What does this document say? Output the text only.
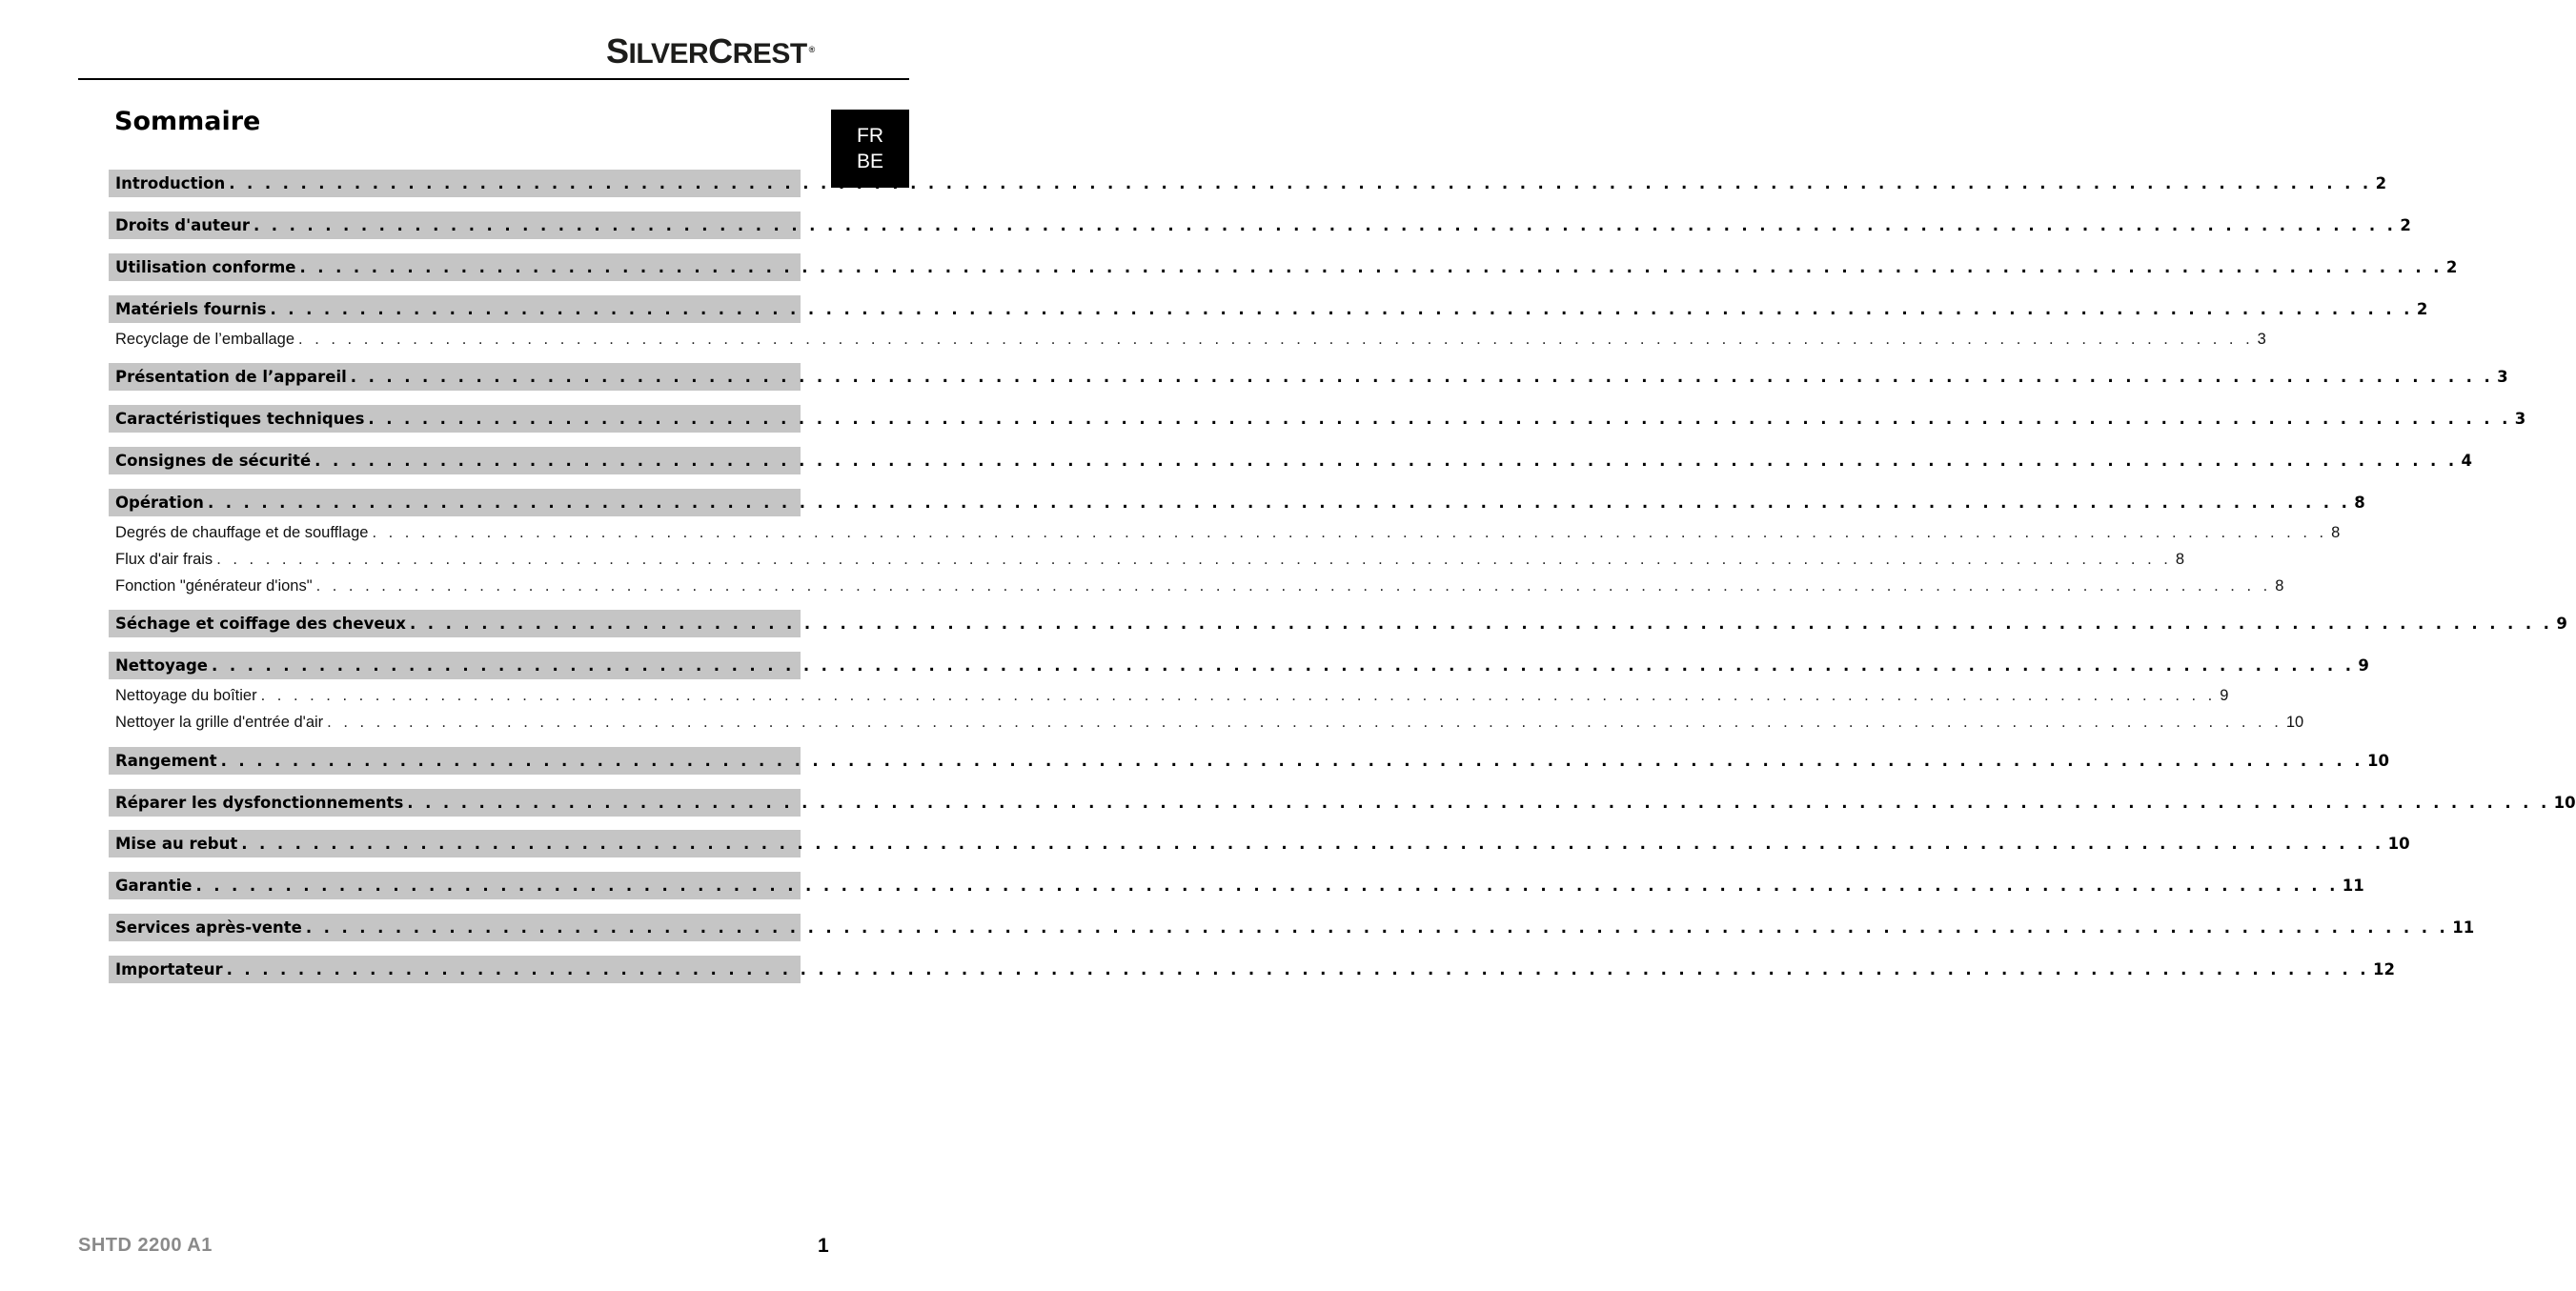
SILVERCREST ®
FR
BE
Sommaire
Introduction . . . . . . . . . . . . . . . . . . . . . . . . . . . . . . . . . . . . . . . . . . . . . . . . . . . . . . . . . . . . . . . . . . . . . . . . . . . . . . . . . . . . . . . . . . . . . . . . . . . . . . . . . . . . . . . . . . . . . . . . 2
Droits d'auteur . . . . . . . . . . . . . . . . . . . . . . . . . . . . . . . . . . . . . . . . . . . . . . . . . . . . . . . . . . . . . . . . . . . . . . . . . . . . . . . . . . . . . . . . . . . . . . . . . . . . . . . . . . . . . . . . . . . . . . . . 2
Utilisation conforme . . . . . . . . . . . . . . . . . . . . . . . . . . . . . . . . . . . . . . . . . . . . . . . . . . . . . . . . . . . . . . . . . . . . . . . . . . . . . . . . . . . . . . . . . . . . . . . . . . . . . . . . . . . . . . . . . . . . . . . . 2
Matériels fournis . . . . . . . . . . . . . . . . . . . . . . . . . . . . . . . . . . . . . . . . . . . . . . . . . . . . . . . . . . . . . . . . . . . . . . . . . . . . . . . . . . . . . . . . . . . . . . . . . . . . . . . . . . . . . . . . . . . . . . . . 2
Recyclage de l’emballage . . . . . . . . . . . . . . . . . . . . . . . . . . . . . . . . . . . . . . . . . . . . . . . . . . . . . . . . . . . . . . . . . . . . . . . . . . . . . . . . . . . . . . . . . . . . . . . . . . . . . . . . . . . . . . . . . . . . . . . . 3
Présentation de l’appareil . . . . . . . . . . . . . . . . . . . . . . . . . . . . . . . . . . . . . . . . . . . . . . . . . . . . . . . . . . . . . . . . . . . . . . . . . . . . . . . . . . . . . . . . . . . . . . . . . . . . . . . . . . . . . . . . . . . . . . . . 3
Caractéristiques techniques . . . . . . . . . . . . . . . . . . . . . . . . . . . . . . . . . . . . . . . . . . . . . . . . . . . . . . . . . . . . . . . . . . . . . . . . . . . . . . . . . . . . . . . . . . . . . . . . . . . . . . . . . . . . . . . . . . . . . . . . 3
Consignes de sécurité . . . . . . . . . . . . . . . . . . . . . . . . . . . . . . . . . . . . . . . . . . . . . . . . . . . . . . . . . . . . . . . . . . . . . . . . . . . . . . . . . . . . . . . . . . . . . . . . . . . . . . . . . . . . . . . . . . . . . . . . 4
Opération . . . . . . . . . . . . . . . . . . . . . . . . . . . . . . . . . . . . . . . . . . . . . . . . . . . . . . . . . . . . . . . . . . . . . . . . . . . . . . . . . . . . . . . . . . . . . . . . . . . . . . . . . . . . . . . . . . . . . . . . 8
Degrés de chauffage et de soufflage . . . . . . . . . . . . . . . . . . . . . . . . . . . . . . . . . . . . . . . . . . . . . . . . . . . . . . . . . . . . . . . . . . . . . . . . . . . . . . . . . . . . . . . . . . . . . . . . . . . . . . . . . . . . . . . . . . . . . . . . 8
Flux d'air frais . . . . . . . . . . . . . . . . . . . . . . . . . . . . . . . . . . . . . . . . . . . . . . . . . . . . . . . . . . . . . . . . . . . . . . . . . . . . . . . . . . . . . . . . . . . . . . . . . . . . . . . . . . . . . . . . . . . . . . . . 8
Fonction "générateur d'ions" . . . . . . . . . . . . . . . . . . . . . . . . . . . . . . . . . . . . . . . . . . . . . . . . . . . . . . . . . . . . . . . . . . . . . . . . . . . . . . . . . . . . . . . . . . . . . . . . . . . . . . . . . . . . . . . . . . . . . . . . 8
Séchage et coiffage des cheveux . . . . . . . . . . . . . . . . . . . . . . . . . . . . . . . . . . . . . . . . . . . . . . . . . . . . . . . . . . . . . . . . . . . . . . . . . . . . . . . . . . . . . . . . . . . . . . . . . . . . . . . . . . . . . . . . . . . . . . . . 9
Nettoyage . . . . . . . . . . . . . . . . . . . . . . . . . . . . . . . . . . . . . . . . . . . . . . . . . . . . . . . . . . . . . . . . . . . . . . . . . . . . . . . . . . . . . . . . . . . . . . . . . . . . . . . . . . . . . . . . . . . . . . . . 9
Nettoyage du boîtier . . . . . . . . . . . . . . . . . . . . . . . . . . . . . . . . . . . . . . . . . . . . . . . . . . . . . . . . . . . . . . . . . . . . . . . . . . . . . . . . . . . . . . . . . . . . . . . . . . . . . . . . . . . . . . . . . . . . . . . . 9
Nettoyer la grille d'entrée d'air . . . . . . . . . . . . . . . . . . . . . . . . . . . . . . . . . . . . . . . . . . . . . . . . . . . . . . . . . . . . . . . . . . . . . . . . . . . . . . . . . . . . . . . . . . . . . . . . . . . . . . . . . . . . . . . . . . . . . . . . 10
Rangement . . . . . . . . . . . . . . . . . . . . . . . . . . . . . . . . . . . . . . . . . . . . . . . . . . . . . . . . . . . . . . . . . . . . . . . . . . . . . . . . . . . . . . . . . . . . . . . . . . . . . . . . . . . . . . . . . . . . . . . . 10
Réparer les dysfonctionnements . . . . . . . . . . . . . . . . . . . . . . . . . . . . . . . . . . . . . . . . . . . . . . . . . . . . . . . . . . . . . . . . . . . . . . . . . . . . . . . . . . . . . . . . . . . . . . . . . . . . . . . . . . . . . . . . . . . . . . . . 10
Mise au rebut . . . . . . . . . . . . . . . . . . . . . . . . . . . . . . . . . . . . . . . . . . . . . . . . . . . . . . . . . . . . . . . . . . . . . . . . . . . . . . . . . . . . . . . . . . . . . . . . . . . . . . . . . . . . . . . . . . . . . . . . 10
Garantie . . . . . . . . . . . . . . . . . . . . . . . . . . . . . . . . . . . . . . . . . . . . . . . . . . . . . . . . . . . . . . . . . . . . . . . . . . . . . . . . . . . . . . . . . . . . . . . . . . . . . . . . . . . . . . . . . . . . . . . . 11
Services après-vente . . . . . . . . . . . . . . . . . . . . . . . . . . . . . . . . . . . . . . . . . . . . . . . . . . . . . . . . . . . . . . . . . . . . . . . . . . . . . . . . . . . . . . . . . . . . . . . . . . . . . . . . . . . . . . . . . . . . . . . . 11
Importateur . . . . . . . . . . . . . . . . . . . . . . . . . . . . . . . . . . . . . . . . . . . . . . . . . . . . . . . . . . . . . . . . . . . . . . . . . . . . . . . . . . . . . . . . . . . . . . . . . . . . . . . . . . . . . . . . . . . . . . . . 12
SHTD 2200 A1	1
